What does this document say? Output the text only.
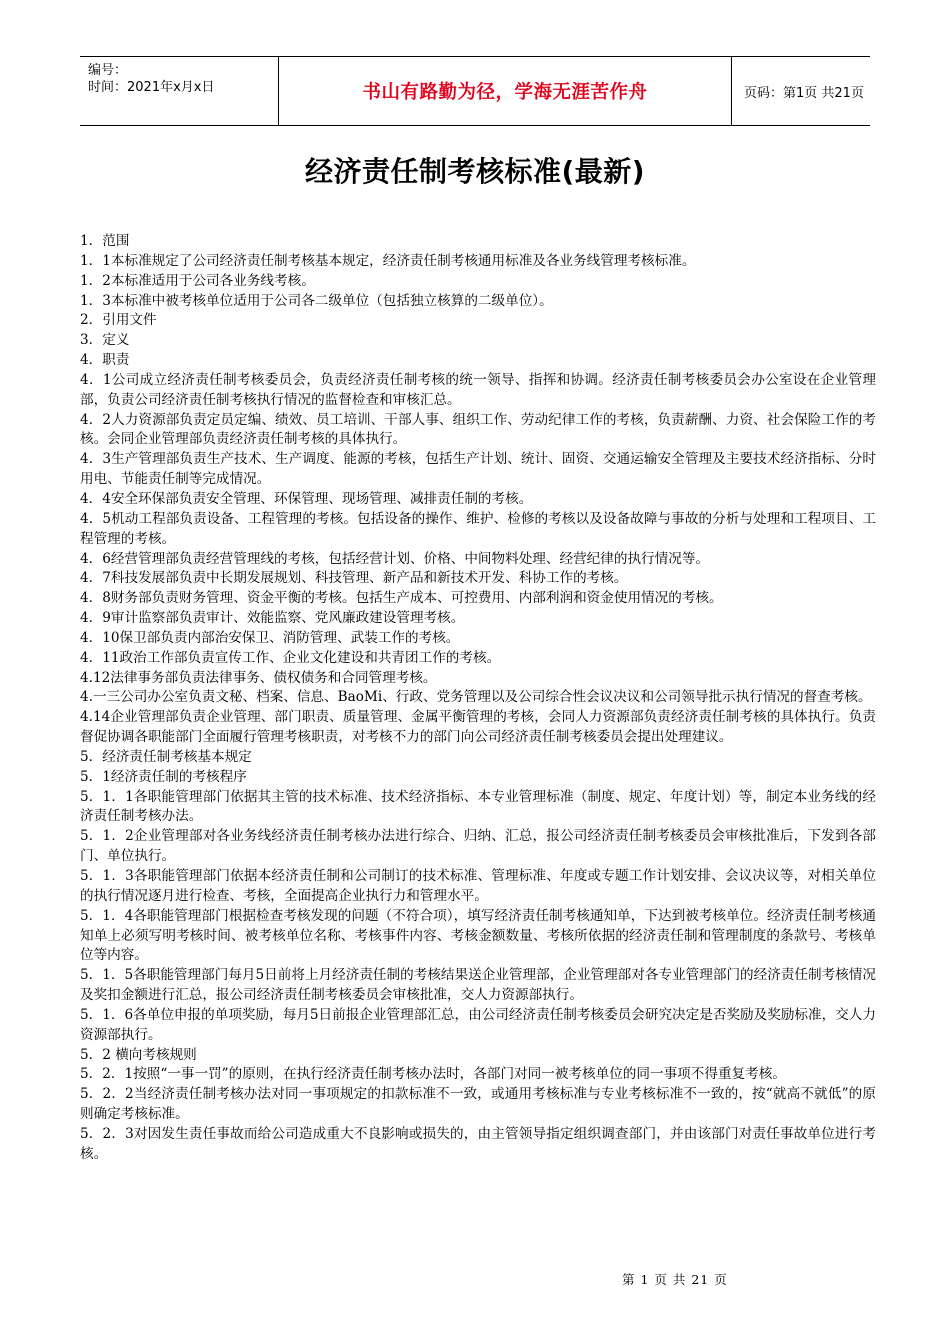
编号：
时间：2021年x月x日	书山有路勤为径，学海无涯苦作舟	页码：第1页 共21页
经济责任制考核标准(最新)

1．范围

1．1本标准规定了公司经济责任制考核基本规定，经济责任制考核通用标准及各业务线管理考核标准。

1．2本标准适用于公司各业务线考核。

1．3本标准中被考核单位适用于公司各二级单位（包括独立核算的二级单位）。

2．引用文件

3．定义

4．职责

4．1公司成立经济责任制考核委员会，负责经济责任制考核的统一领导、指挥和协调。经济责任制考核委员会办公室设在企业管理部，负责公司经济责任制考核执行情况的监督检查和审核汇总。

4．2人力资源部负责定员定编、绩效、员工培训、干部人事、组织工作、劳动纪律工作的考核，负责薪酬、力资、社会保险工作的考核。会同企业管理部负责经济责任制考核的具体执行。

4．3生产管理部负责生产技术、生产调度、能源的考核，包括生产计划、统计、固资、交通运输安全管理及主要技术经济指标、分时用电、节能责任制等完成情况。

4．4安全环保部负责安全管理、环保管理、现场管理、减排责任制的考核。

4．5机动工程部负责设备、工程管理的考核。包括设备的操作、维护、检修的考核以及设备故障与事故的分析与处理和工程项目、工程管理的考核。

4．6经营管理部负责经营管理线的考核，包括经营计划、价格、中间物料处理、经营纪律的执行情况等。

4．7科技发展部负责中长期发展规划、科技管理、新产品和新技术开发、科协工作的考核。

4．8财务部负责财务管理、资金平衡的考核。包括生产成本、可控费用、内部利润和资金使用情况的考核。

4．9审计监察部负责审计、效能监察、党风廉政建设管理考核。

4．10保卫部负责内部治安保卫、消防管理、武装工作的考核。

4．11政治工作部负责宣传工作、企业文化建设和共青团工作的考核。

4.12法律事务部负责法律事务、债权债务和合同管理考核。

4.一三公司办公室负责文秘、档案、信息、BaoMi、行政、党务管理以及公司综合性会议决议和公司领导批示执行情况的督查考核。

4.14企业管理部负责企业管理、部门职责、质量管理、金属平衡管理的考核，会同人力资源部负责经济责任制考核的具体执行。负责督促协调各职能部门全面履行管理考核职责，对考核不力的部门向公司经济责任制考核委员会提出处理建议。

5．经济责任制考核基本规定

5．1经济责任制的考核程序

5．1．1各职能管理部门依据其主管的技术标准、技术经济指标、本专业管理标准（制度、规定、年度计划）等，制定本业务线的经济责任制考核办法。

5．1．2企业管理部对各业务线经济责任制考核办法进行综合、归纳、汇总，报公司经济责任制考核委员会审核批准后，下发到各部门、单位执行。

5．1．3各职能管理部门依据本经济责任制和公司制订的技术标准、管理标准、年度或专题工作计划安排、会议决议等，对相关单位的执行情况逐月进行检查、考核，全面提高企业执行力和管理水平。

5．1．4各职能管理部门根据检查考核发现的问题（不符合项），填写经济责任制考核通知单，下达到被考核单位。经济责任制考核通知单上必须写明考核时间、被考核单位名称、考核事件内容、考核金额数量、考核所依据的经济责任制和管理制度的条款号、考核单位等内容。

5．1．5各职能管理部门每月5日前将上月经济责任制的考核结果送企业管理部，企业管理部对各专业管理部门的经济责任制考核情况及奖扣金额进行汇总，报公司经济责任制考核委员会审核批准，交人力资源部执行。

5．1．6各单位申报的单项奖励，每月5日前报企业管理部汇总，由公司经济责任制考核委员会研究决定是否奖励及奖励标准，交人力资源部执行。

5．2 横向考核规则

5．2．1按照“一事一罚”的原则，在执行经济责任制考核办法时，各部门对同一被考核单位的同一事项不得重复考核。

5．2．2当经济责任制考核办法对同一事项规定的扣款标准不一致，或通用考核标准与专业考核标准不一致的，按“就高不就低”的原则确定考核标准。

5．2．3对因发生责任事故而给公司造成重大不良影响或损失的，由主管领导指定组织调查部门，并由该部门对责任事故单位进行考核。

第 1 页 共 21 页
